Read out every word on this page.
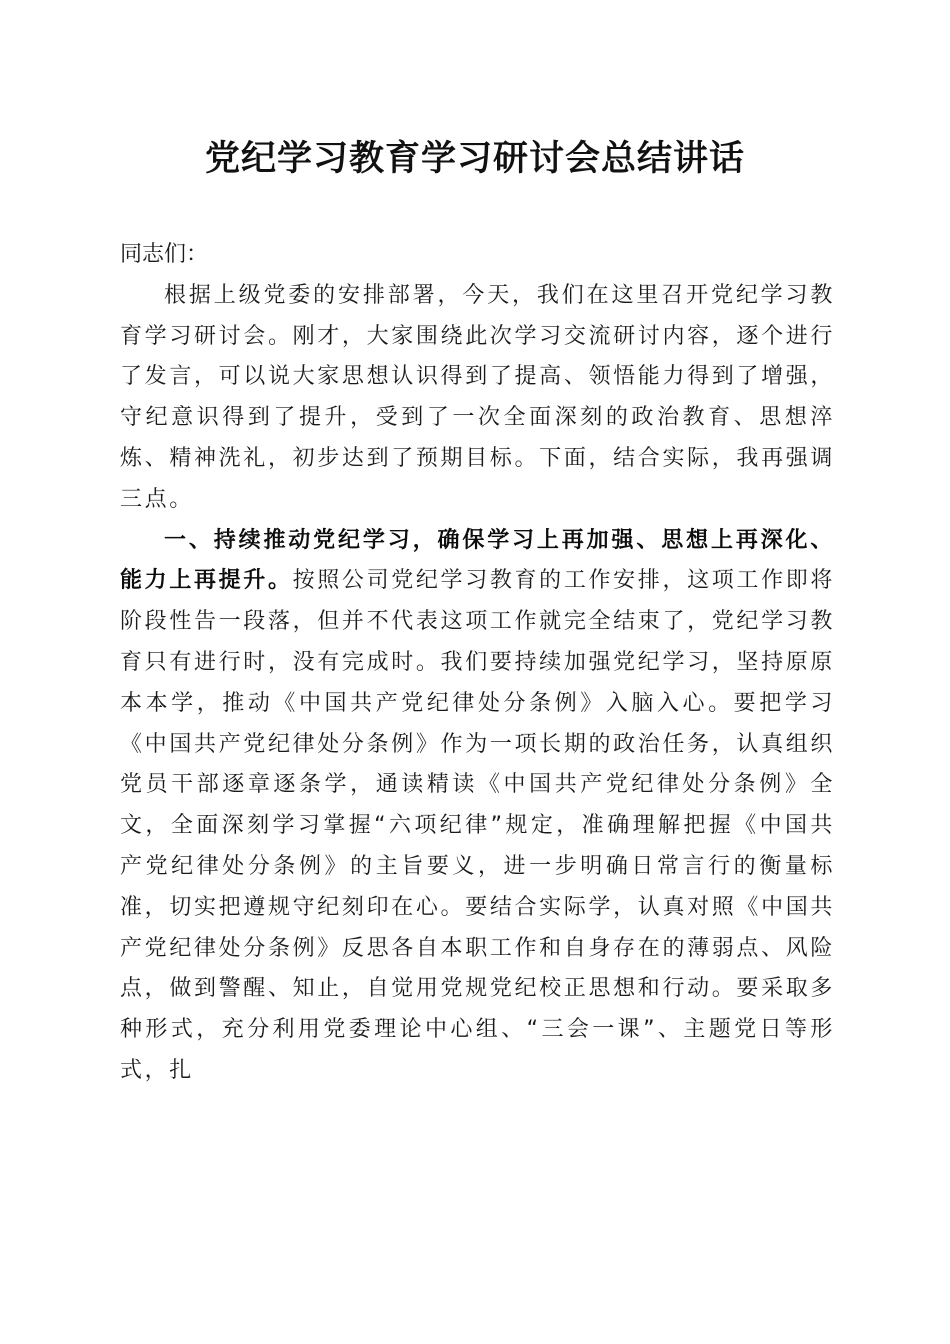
党纪学习教育学习研讨会总结讲话

同志们：

根据上级党委的安排部署，今天，我们在这里召开党纪学习教育学习研讨会。刚才，大家围绕此次学习交流研讨内容，逐个进行了发言，可以说大家思想认识得到了提高、领悟能力得到了增强，守纪意识得到了提升，受到了一次全面深刻的政治教育、思想淬炼、精神洗礼，初步达到了预期目标。下面，结合实际，我再强调三点。

一、持续推动党纪学习，确保学习上再加强、思想上再深化、能力上再提升。按照公司党纪学习教育的工作安排，这项工作即将阶段性告一段落，但并不代表这项工作就完全结束了，党纪学习教育只有进行时，没有完成时。我们要持续加强党纪学习，坚持原原本本学，推动《中国共产党纪律处分条例》入脑入心。要把学习《中国共产党纪律处分条例》作为一项长期的政治任务，认真组织党员干部逐章逐条学，通读精读《中国共产党纪律处分条例》全文，全面深刻学习掌握“六项纪律”规定，准确理解把握《中国共产党纪律处分条例》的主旨要义，进一步明确日常言行的衡量标准，切实把遵规守纪刻印在心。要结合实际学，认真对照《中国共产党纪律处分条例》反思各自本职工作和自身存在的薄弱点、风险点，做到警醒、知止，自觉用党规党纪校正思想和行动。要采取多种形式，充分利用党委理论中心组、“三会一课”、主题党日等形式，扎
